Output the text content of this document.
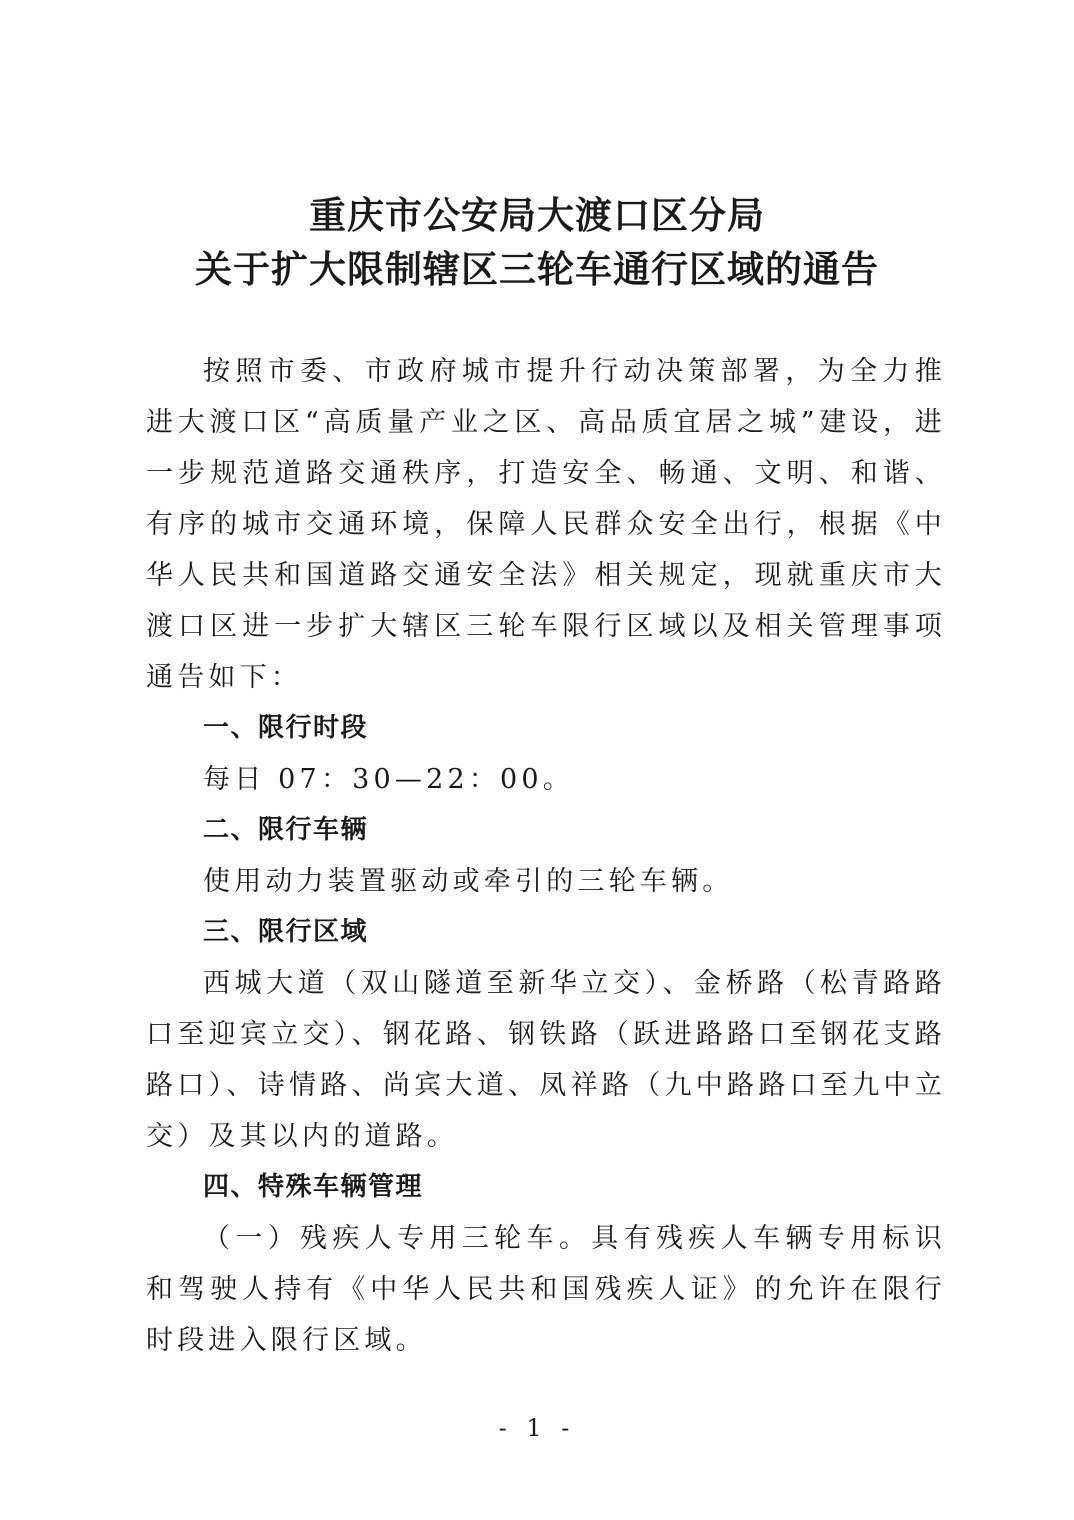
重庆市公安局大渡口区分局
关于扩大限制辖区三轮车通行区域的通告

按照市委、市政府城市提升行动决策部署，为全力推进大渡口区“高质量产业之区、高品质宜居之城”建设，进一步规范道路交通秩序，打造安全、畅通、文明、和谐、有序的城市交通环境，保障人民群众安全出行，根据《中华人民共和国道路交通安全法》相关规定，现就重庆市大渡口区进一步扩大辖区三轮车限行区域以及相关管理事项通告如下：

一、限行时段

每日 07：30—22：00。

二、限行车辆

使用动力装置驱动或牵引的三轮车辆。

三、限行区域

西城大道（双山隧道至新华立交）、金桥路（松青路路口至迎宾立交）、钢花路、钢铁路（跃进路路口至钢花支路路口）、诗情路、尚宾大道、凤祥路（九中路路口至九中立交）及其以内的道路。

四、特殊车辆管理

（一）残疾人专用三轮车。具有残疾人车辆专用标识和驾驶人持有《中华人民共和国残疾人证》的允许在限行时段进入限行区域。

- 1 -
